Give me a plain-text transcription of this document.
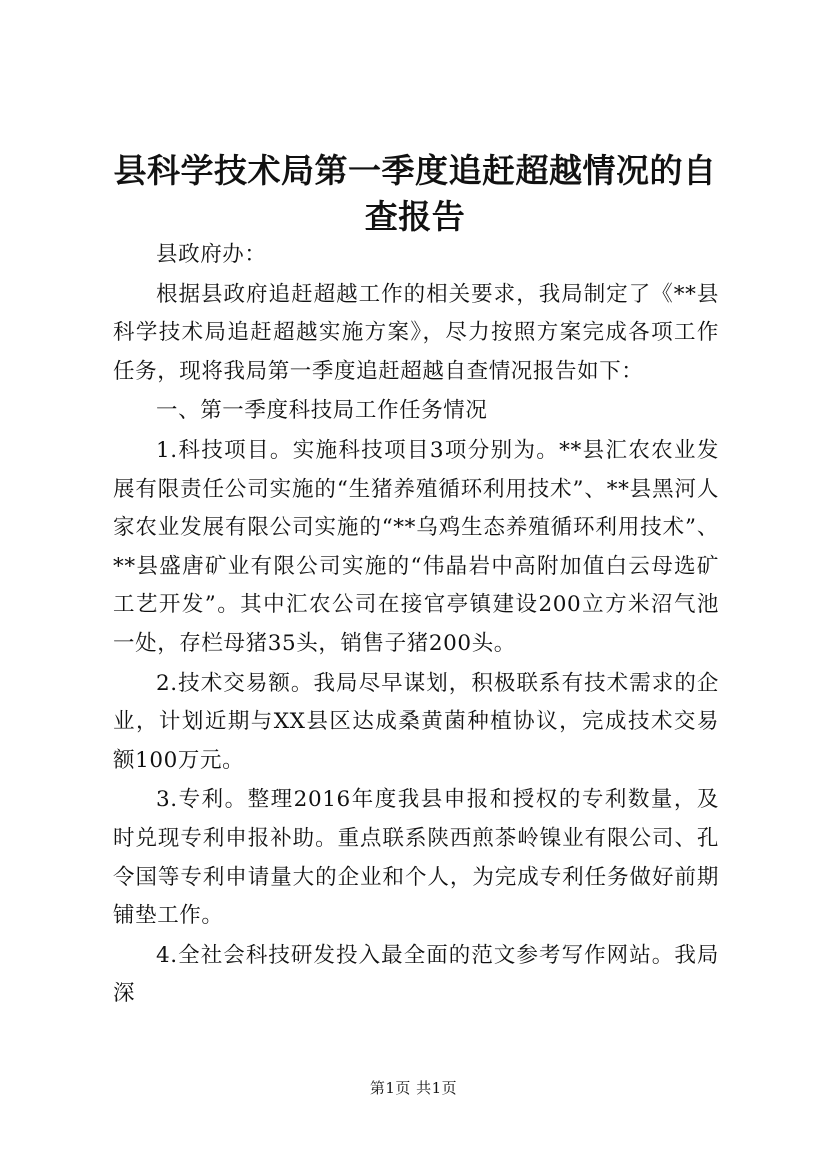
县科学技术局第一季度追赶超越情况的自查报告

县政府办：

根据县政府追赶超越工作的相关要求，我局制定了《**县科学技术局追赶超越实施方案》，尽力按照方案完成各项工作任务，现将我局第一季度追赶超越自查情况报告如下：

一、第一季度科技局工作任务情况

1.科技项目。实施科技项目3项分别为。**县汇农农业发展有限责任公司实施的“生猪养殖循环利用技术”、**县黑河人家农业发展有限公司实施的“**乌鸡生态养殖循环利用技术”、**县盛唐矿业有限公司实施的“伟晶岩中高附加值白云母选矿工艺开发”。其中汇农公司在接官亭镇建设200立方米沼气池一处，存栏母猪35头，销售子猪200头。

2.技术交易额。我局尽早谋划，积极联系有技术需求的企业，计划近期与XX县区达成桑黄菌种植协议，完成技术交易额100万元。

3.专利。整理2016年度我县申报和授权的专利数量，及时兑现专利申报补助。重点联系陕西煎茶岭镍业有限公司、孔令国等专利申请量大的企业和个人，为完成专利任务做好前期铺垫工作。

4.全社会科技研发投入最全面的范文参考写作网站。我局深

第1页 共1页
